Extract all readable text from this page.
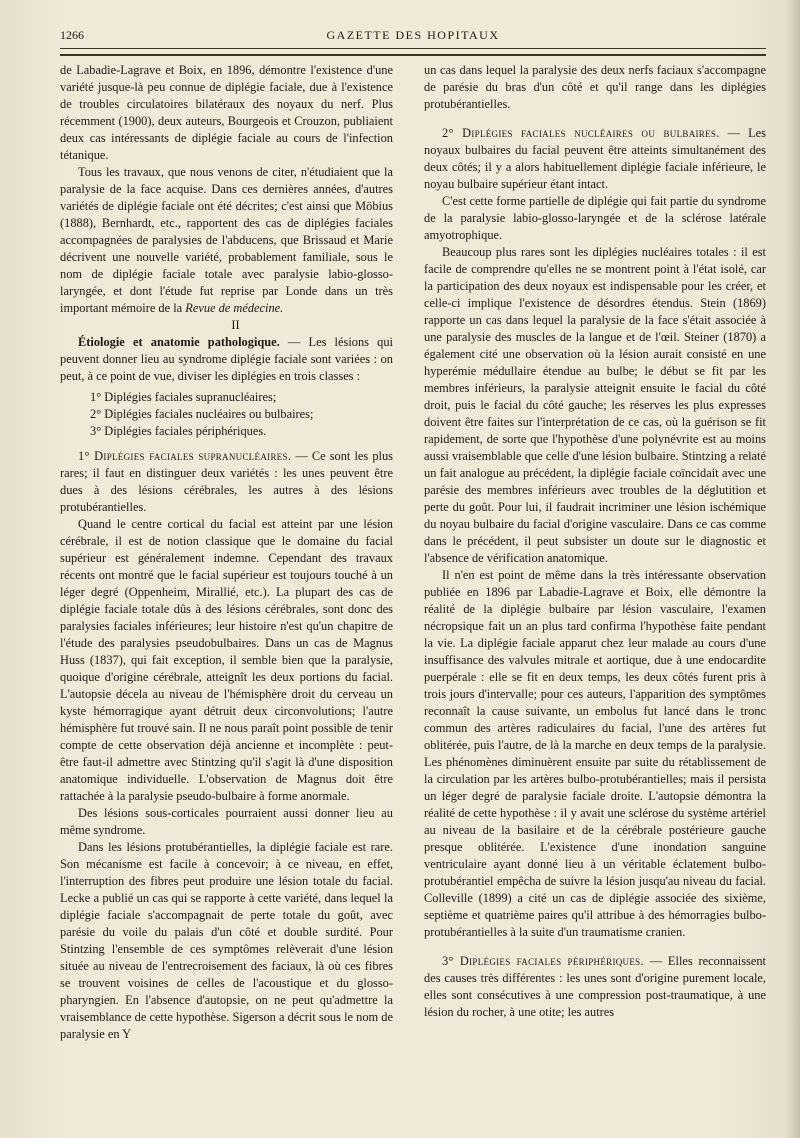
1266	GAZETTE DES HOPITAUX

de Labadie-Lagrave et Boix, en 1896, démontre l'existence d'une variété jusque-là peu connue de diplégie faciale, due à l'existence de troubles circulatoires bilatéraux des noyaux du nerf. Plus récemment (1900), deux auteurs, Bourgeois et Crouzon, publiaient deux cas intéressants de diplégie faciale au cours de l'infection tétanique.

Tous les travaux, que nous venons de citer, n'étudiaient que la paralysie de la face acquise. Dans ces dernières années, d'autres variétés de diplégie faciale ont été décrites; c'est ainsi que Möbius (1888), Bernhardt, etc., rapportent des cas de diplégies faciales accompagnées de paralysies de l'abducens, que Brissaud et Marie décrivent une nouvelle variété, probablement familiale, sous le nom de diplégie faciale totale avec paralysie labio-glosso-laryngée, et dont l'étude fut reprise par Londe dans un très important mémoire de la Revue de médecine.

II

Étiologie et anatomie pathologique. — Les lésions qui peuvent donner lieu au syndrome diplégie faciale sont variées : on peut, à ce point de vue, diviser les diplégies en trois classes :

1° Diplégies faciales supranucléaires;
2° Diplégies faciales nucléaires ou bulbaires;
3° Diplégies faciales périphériques.

1° Diplégies faciales supranucléaires. — Ce sont les plus rares; il faut en distinguer deux variétés : les unes peuvent être dues à des lésions cérébrales, les autres à des lésions protubérantielles.

Quand le centre cortical du facial est atteint par une lésion cérébrale, il est de notion classique que le domaine du facial supérieur est généralement indemne. Cependant des travaux récents ont montré que le facial supérieur est toujours touché à un léger degré (Oppenheim, Mirallié, etc.). La plupart des cas de diplégie faciale totale dûs à des lésions cérébrales, sont donc des paralysies faciales inférieures; leur histoire n'est qu'un chapitre de l'étude des paralysies pseudobulbaires. Dans un cas de Magnus Huss (1837), qui fait exception, il semble bien que la paralysie, quoique d'origine cérébrale, atteignît les deux portions du facial. L'autopsie décela au niveau de l'hémisphère droit du cerveau un kyste hémorragique ayant détruit deux circonvolutions; l'autre hémisphère fut trouvé sain. Il ne nous paraît point possible de tenir compte de cette observation déjà ancienne et incomplète : peut-être faut-il admettre avec Stintzing qu'il s'agit là d'une disposition anatomique individuelle. L'observation de Magnus doit être rattachée à la paralysie pseudo-bulbaire à forme anormale.

Des lésions sous-corticales pourraient aussi donner lieu au même syndrome.

Dans les lésions protubérantielles, la diplégie faciale est rare. Son mécanisme est facile à concevoir; à ce niveau, en effet, l'interruption des fibres peut produire une lésion totale du facial. Lecke a publié un cas qui se rapporte à cette variété, dans lequel la diplégie faciale s'accompagnait de perte totale du goût, avec parésie du voile du palais d'un côté et double surdité. Pour Stintzing l'ensemble de ces symptômes relèverait d'une lésion située au niveau de l'entrecroisement des faciaux, là où ces fibres se trouvent voisines de celles de l'acoustique et du glosso-pharyngien. En l'absence d'autopsie, on ne peut qu'admettre la vraisemblance de cette hypothèse. Sigerson a décrit sous le nom de paralysie en Y

un cas dans lequel la paralysie des deux nerfs faciaux s'accompagne de parésie du bras d'un côté et qu'il range dans les diplégies protubérantielles.

2° Diplégies faciales nucléaires ou bulbaires. — Les noyaux bulbaires du facial peuvent être atteints simultanément des deux côtés; il y a alors habituellement diplégie faciale inférieure, le noyau bulbaire supérieur étant intact.

C'est cette forme partielle de diplégie qui fait partie du syndrome de la paralysie labio-glosso-laryngée et de la sclérose latérale amyotrophique.

Beaucoup plus rares sont les diplégies nucléaires totales : il est facile de comprendre qu'elles ne se montrent point à l'état isolé, car la participation des deux noyaux est indispensable pour les créer, et celle-ci implique l'existence de désordres étendus. Stein (1869) rapporte un cas dans lequel la paralysie de la face s'était associée à une paralysie des muscles de la langue et de l'œil. Steiner (1870) a également cité une observation où la lésion aurait consisté en une hyperémie médullaire étendue au bulbe; le début se fit par les membres inférieurs, la paralysie atteignit ensuite le facial du côté droit, puis le facial du côté gauche; les réserves les plus expresses doivent être faites sur l'interprétation de ce cas, où la guérison se fit rapidement, de sorte que l'hypothèse d'une polynévrite est au moins aussi vraisemblable que celle d'une lésion bulbaire. Stintzing a relaté un fait analogue au précédent, la diplégie faciale coïncidait avec une parésie des membres inférieurs avec troubles de la déglutition et perte du goût. Pour lui, il faudrait incriminer une lésion ischémique du noyau bulbaire du facial d'origine vasculaire. Dans ce cas comme dans le précédent, il peut subsister un doute sur le diagnostic et l'absence de vérification anatomique.

Il n'en est point de même dans la très intéressante observation publiée en 1896 par Labadie-Lagrave et Boix, elle démontre la réalité de la diplégie bulbaire par lésion vasculaire, l'examen nécropsique fait un an plus tard confirma l'hypothèse faite pendant la vie. La diplégie faciale apparut chez leur malade au cours d'une insuffisance des valvules mitrale et aortique, due à une endocardite puerpérale : elle se fit en deux temps, les deux côtés furent pris à trois jours d'intervalle; pour ces auteurs, l'apparition des symptômes reconnaît la cause suivante, un embolus fut lancé dans le tronc commun des artères radiculaires du facial, l'une des artères fut oblitérée, puis l'autre, de là la marche en deux temps de la paralysie. Les phénomènes diminuèrent ensuite par suite du rétablissement de la circulation par les artères bulbo-protubérantielles; mais il persista un léger degré de paralysie faciale droite. L'autopsie démontra la réalité de cette hypothèse : il y avait une sclérose du système artériel au niveau de la basilaire et de la cérébrale postérieure gauche presque oblitérée. L'existence d'une inondation sanguine ventriculaire ayant donné lieu à un véritable éclatement bulbo-protubérantiel empêcha de suivre la lésion jusqu'au niveau du facial. Colleville (1899) a cité un cas de diplégie associée des sixième, septième et quatrième paires qu'il attribue à des hémorragies bulbo-protubérantielles à la suite d'un traumatisme cranien.

3° Diplégies faciales périphériques. — Elles reconnaissent des causes très différentes : les unes sont d'origine purement locale, elles sont consécutives à une compression post-traumatique, à une lésion du rocher, à une otite; les autres
